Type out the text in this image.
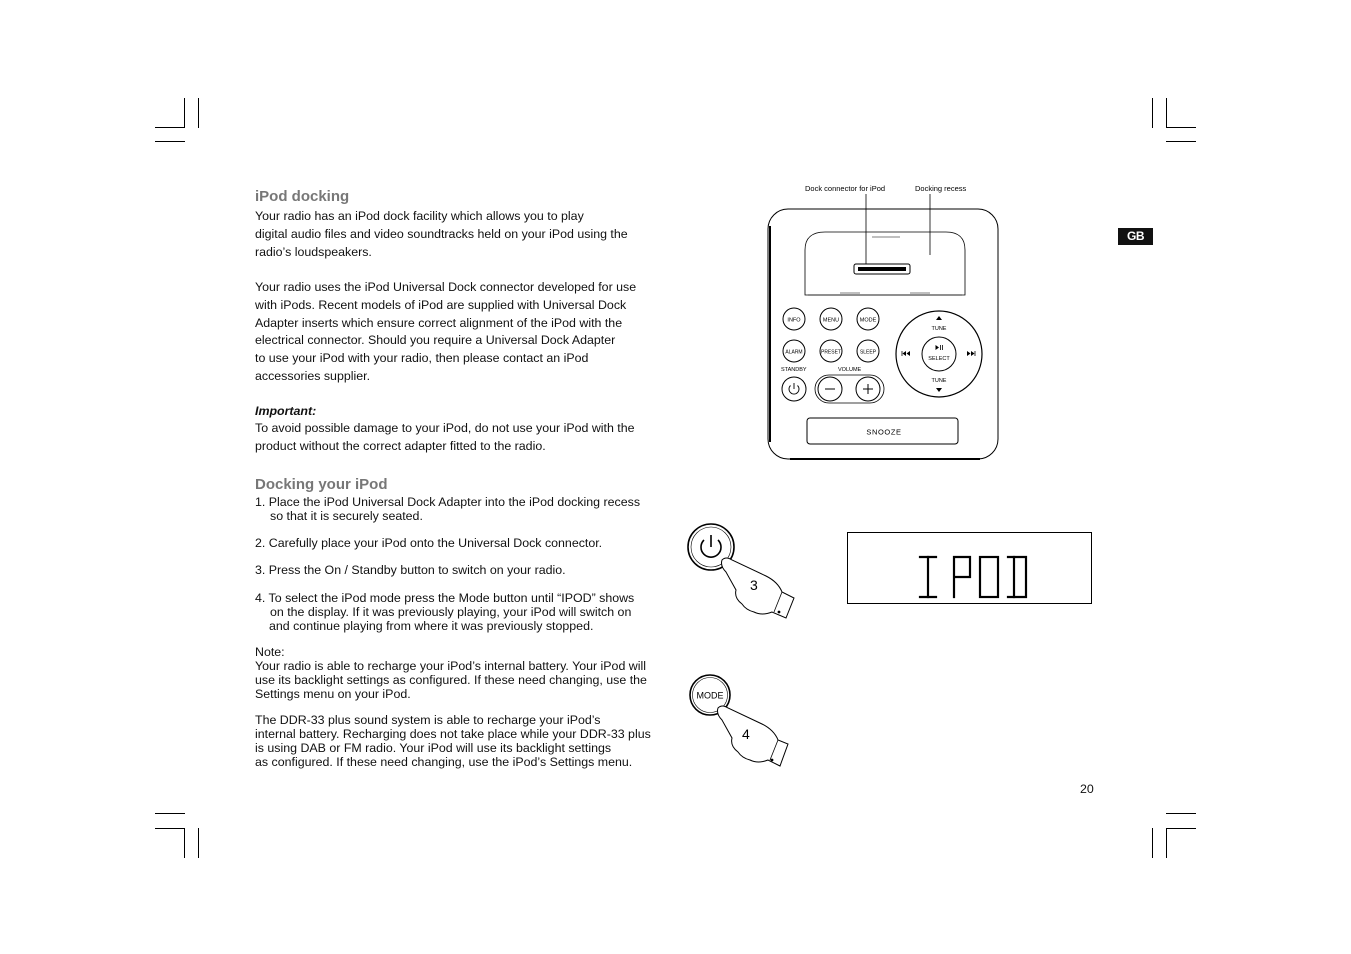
GB
iPod docking

Your radio has an iPod dock facility which allows you to play

digital audio files and video soundtracks held on your iPod using the

radio’s loudspeakers.

Your radio uses the iPod Universal Dock connector developed for use

with iPods. Recent models of iPod are supplied with Universal Dock

Adapter inserts which ensure correct alignment of the iPod with the

electrical connector. Should you require a Universal Dock Adapter

to use your iPod with your radio, then please contact an iPod

accessories supplier.

Important:

To avoid possible damage to your iPod, do not use your iPod with the

product without the correct adapter fitted to the radio.

Docking your iPod
1. Place the iPod Universal Dock Adapter into the iPod docking recess
so that it is securely seated.
2. Carefully place your iPod onto the Universal Dock connector.
3. Press the On / Standby button to switch on your radio.
4. To select the iPod mode press the Mode button until “IPOD” shows
on the display. If it was previously playing, your iPod will switch on
and continue playing from where it was previously stopped.
Note:
Your radio is able to recharge your iPod’s internal battery. Your iPod will
use its backlight settings as configured. If these need changing, use the
Settings menu on your iPod.
The DDR-33 plus sound system is able to recharge your iPod’s
internal battery. Recharging does not take place while your DDR-33 plus
is using DAB or FM radio. Your iPod will use its backlight settings
as configured. If these need changing, use the iPod’s Settings menu.
20
Dock connector for iPod	Docking recess
INFO	MENU	MODE
ALARM	PRESET	SLEEP
STANDBY	VOLUME
TUNE
TUNE
SELECT
SNOOZE
3
IPOD
MODE
4
